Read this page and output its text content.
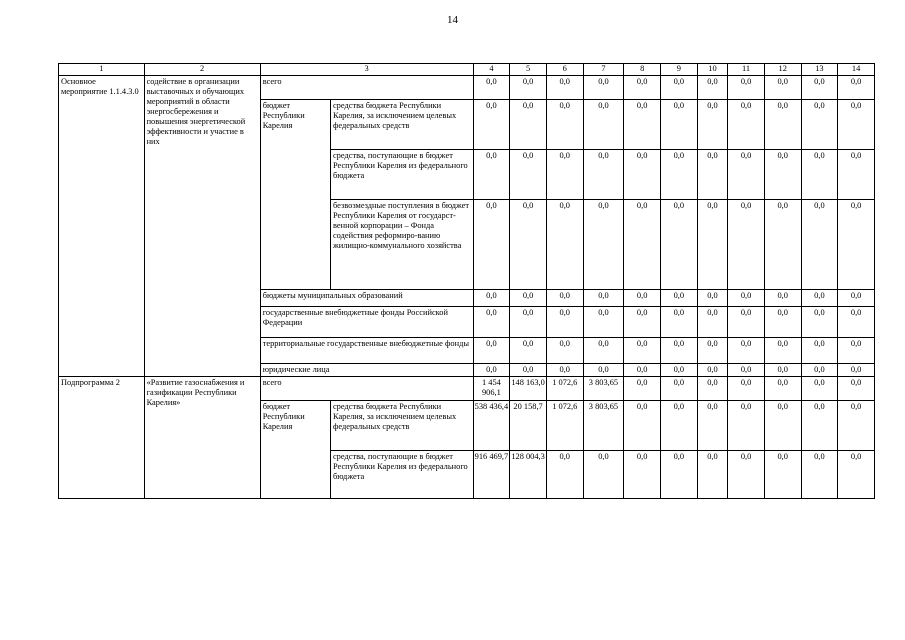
14
1	2	3		4	5	6	7	8	9	10	11	12	13	14
Основное мероприятие 1.1.4.3.0	содействие в организации выставочных и обучающих мероприятий в области энергосбережения и повышения энергетической эффективности и участие в них	всего		0,0	0,0	0,0	0,0	0,0	0,0	0,0	0,0	0,0	0,0	0,0
		бюджет Республики Карелия	средства бюджета Республики Карелия, за исключением целевых федеральных средств	0,0	0,0	0,0	0,0	0,0	0,0	0,0	0,0	0,0	0,0	0,0
			средства, поступающие в бюджет Республики Карелия из федерального бюджета	0,0	0,0	0,0	0,0	0,0	0,0	0,0	0,0	0,0	0,0	0,0
			безвозмездные поступления в бюджет Республики Карелия от государст-венной корпорации – Фонда содействия реформиро-ванию жилищно-коммунального хозяйства	0,0	0,0	0,0	0,0	0,0	0,0	0,0	0,0	0,0	0,0	0,0
		бюджеты муниципальных образований		0,0	0,0	0,0	0,0	0,0	0,0	0,0	0,0	0,0	0,0	0,0
		государственные внебюджетные фонды Российской Федерации		0,0	0,0	0,0	0,0	0,0	0,0	0,0	0,0	0,0	0,0	0,0
		территориальные государственные внебюджетные фонды		0,0	0,0	0,0	0,0	0,0	0,0	0,0	0,0	0,0	0,0	0,0
		юридические лица		0,0	0,0	0,0	0,0	0,0	0,0	0,0	0,0	0,0	0,0	0,0
Подпрограмма 2	«Развитие газоснабжения и газификации Республики Карелия»	всего		1 454 906,1	148 163,0	1 072,6	3 803,65	0,0	0,0	0,0	0,0	0,0	0,0	0,0
		бюджет Республики Карелия	средства бюджета Республики Карелия, за исключением целевых федеральных средств	538 436,4	20 158,7	1 072,6	3 803,65	0,0	0,0	0,0	0,0	0,0	0,0	0,0
			средства, поступающие в бюджет Республики Карелия из федерального бюджета	916 469,7	128 004,3	0,0	0,0	0,0	0,0	0,0	0,0	0,0	0,0	0,0
